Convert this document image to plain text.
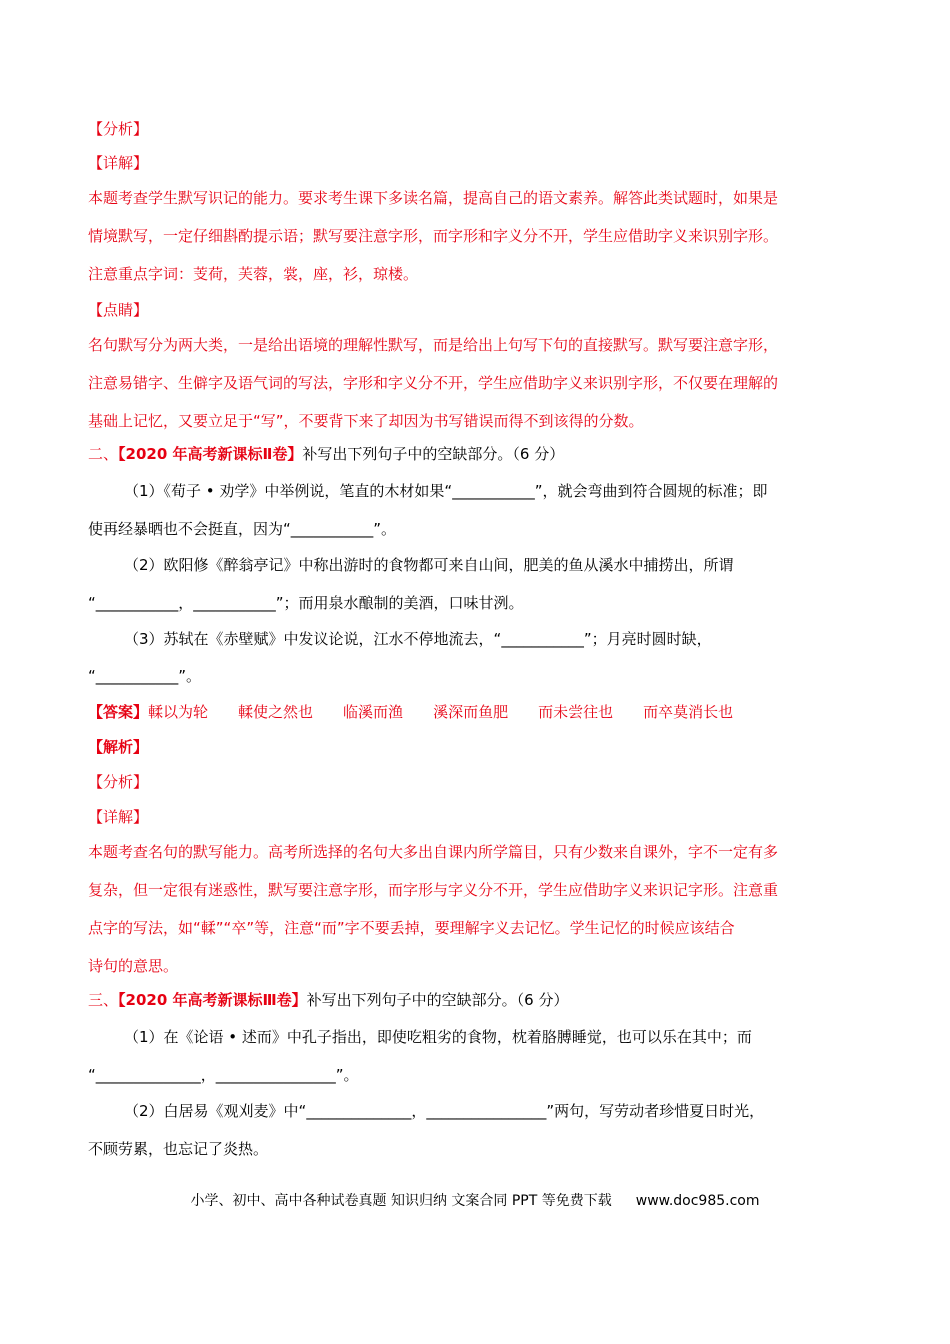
【分析】
【详解】
本题考查学生默写识记的能力。要求考生课下多读名篇，提高自己的语文素养。解答此类试题时，如果是
情境默写，一定仔细斟酌提示语；默写要注意字形，而字形和字义分不开，学生应借助字义来识别字形。
注意重点字词：芰荷，芙蓉，裳，座，衫，琼楼。
【点睛】
名句默写分为两大类，一是给出语境的理解性默写，而是给出上句写下句的直接默写。默写要注意字形，
注意易错字、生僻字及语气词的写法，字形和字义分不开，学生应借助字义来识别字形，不仅要在理解的
基础上记忆，又要立足于“写”，不要背下来了却因为书写错误而得不到该得的分数。
二、【2020 年高考新课标Ⅱ卷】补写出下列句子中的空缺部分。（6 分）
（1）《荀子 • 劝学》中举例说，笔直的木材如果“___________”，就会弯曲到符合圆规的标准；即
使再经暴晒也不会挺直，因为“___________”。
（2）欧阳修《醉翁亭记》中称出游时的食物都可来自山间，肥美的鱼从溪水中捕捞出，所谓
“___________，___________”；而用泉水酿制的美酒，口味甘洌。
（3）苏轼在《赤壁赋》中发议论说，江水不停地流去，“___________”；月亮时圆时缺，
“___________”。
【答案】輮以为轮 輮使之然也 临溪而渔 溪深而鱼肥 而未尝往也 而卒莫消长也
【解析】
【分析】
【详解】
本题考查名句的默写能力。高考所选择的名句大多出自课内所学篇目，只有少数来自课外，字不一定有多
复杂，但一定很有迷惑性，默写要注意字形，而字形与字义分不开，学生应借助字义来识记字形。注意重
点字的写法，如“輮”“卒”等，注意“而”字不要丢掉，要理解字义去记忆。学生记忆的时候应该结合
诗句的意思。
三、【2020 年高考新课标Ⅲ卷】补写出下列句子中的空缺部分。（6 分）
（1）在《论语 • 述而》中孔子指出，即使吃粗劣的食物，枕着胳膊睡觉，也可以乐在其中；而
“______________，________________”。
（2）白居易《观刈麦》中“______________，________________”两句，写劳动者珍惜夏日时光，
不顾劳累，也忘记了炎热。
小学、初中、高中各种试卷真题 知识归纳 文案合同 PPT 等免费下载 www.doc985.com
